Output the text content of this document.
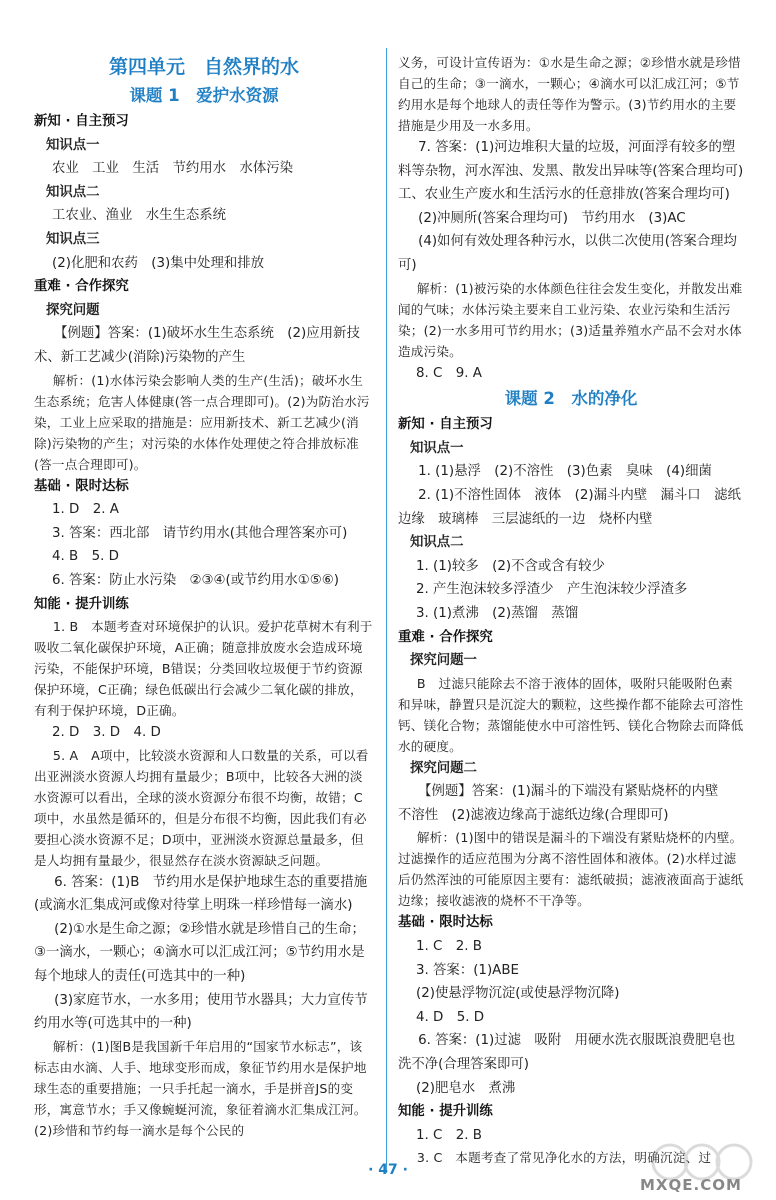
第四单元　自然界的水

课题 1　爱护水资源

新知 · 自主预习

知识点一

农业　工业　生活　节约用水　水体污染

知识点二

工农业、渔业　水生生态系统

知识点三

(2)化肥和农药　(3)集中处理和排放

重难 · 合作探究

探究问题

【例题】答案：(1)破坏水生生态系统　(2)应用新技术、新工艺减少(消除)污染物的产生

解析：(1)水体污染会影响人类的生产(生活)；破坏水生生态系统；危害人体健康(答一点合理即可)。(2)为防治水污染，工业上应采取的措施是：应用新技术、新工艺减少(消除)污染物的产生；对污染的水体作处理使之符合排放标准(答一点合理即可)。

基础 · 限时达标

1. D　2. A

3. 答案：西北部　请节约用水(其他合理答案亦可)

4. B　5. D

6. 答案：防止水污染　②③④(或节约用水①⑤⑥)

知能 · 提升训练

1. B　本题考查对环境保护的认识。爱护花草树木有利于吸收二氧化碳保护环境，A正确；随意排放废水会造成环境污染，不能保护环境，B错误；分类回收垃圾便于节约资源保护环境，C正确；绿色低碳出行会减少二氧化碳的排放，有利于保护环境，D正确。

2. D　3. D　4. D

5. A　A项中，比较淡水资源和人口数量的关系，可以看出亚洲淡水资源人均拥有量最少；B项中，比较各大洲的淡水资源可以看出，全球的淡水资源分布很不均衡，故错；C项中，水虽然是循环的，但是分布很不均衡，因此我们有必要担心淡水资源不足；D项中，亚洲淡水资源总量最多，但是人均拥有量最少，很显然存在淡水资源缺乏问题。

6. 答案：(1)B　节约用水是保护地球生态的重要措施(或滴水汇集成河或像对待掌上明珠一样珍惜每一滴水)

(2)①水是生命之源；②珍惜水就是珍惜自己的生命；③一滴水，一颗心；④滴水可以汇成江河；⑤节约用水是每个地球人的责任(可选其中的一种)

(3)家庭节水，一水多用；使用节水器具；大力宣传节约用水等(可选其中的一种)

解析：(1)图B是我国新千年启用的“国家节水标志”，该标志由水滴、人手、地球变形而成，象征节约用水是保护地球生态的重要措施；一只手托起一滴水，手是拼音JS的变形，寓意节水；手又像蜿蜒河流，象征着滴水汇集成江河。(2)珍惜和节约每一滴水是每个公民的

义务，可设计宣传语为：①水是生命之源；②珍惜水就是珍惜自己的生命；③一滴水，一颗心；④滴水可以汇成江河；⑤节约用水是每个地球人的责任等作为警示。(3)节约用水的主要措施是少用及一水多用。

7. 答案：(1)河边堆积大量的垃圾，河面浮有较多的塑料等杂物，河水浑浊、发黑、散发出异味等(答案合理均可)　工、农业生产废水和生活污水的任意排放(答案合理均可)

(2)冲厕所(答案合理均可)　节约用水　(3)AC

(4)如何有效处理各种污水，以供二次使用(答案合理均可)

解析：(1)被污染的水体颜色往往会发生变化，并散发出难闻的气味；水体污染主要来自工业污染、农业污染和生活污染；(2)一水多用可节约用水；(3)适量养殖水产品不会对水体造成污染。

8. C　9. A

课题 2　水的净化

新知 · 自主预习

知识点一

1. (1)悬浮　(2)不溶性　(3)色素　臭味　(4)细菌

2. (1)不溶性固体　液体　(2)漏斗内壁　漏斗口　滤纸边缘　玻璃棒　三层滤纸的一边　烧杯内壁

知识点二

1. (1)较多　(2)不含或含有较少

2. 产生泡沫较多浮渣少　产生泡沫较少浮渣多

3. (1)煮沸　(2)蒸馏　蒸馏

重难 · 合作探究

探究问题一

B　过滤只能除去不溶于液体的固体，吸附只能吸附色素和异味，静置只是沉淀大的颗粒，这些操作都不能除去可溶性钙、镁化合物；蒸馏能使水中可溶性钙、镁化合物除去而降低水的硬度。

探究问题二

【例题】答案：(1)漏斗的下端没有紧贴烧杯的内壁　不溶性　(2)滤液边缘高于滤纸边缘(合理即可)

解析：(1)图中的错误是漏斗的下端没有紧贴烧杯的内壁。过滤操作的适应范围为分离不溶性固体和液体。(2)水样过滤后仍然浑浊的可能原因主要有：滤纸破损；滤液液面高于滤纸边缘；接收滤液的烧杯不干净等。

基础 · 限时达标

1. C　2. B

3. 答案：(1)ABE

(2)使悬浮物沉淀(或使悬浮物沉降)

4. D　5. D

6. 答案：(1)过滤　吸附　用硬水洗衣服既浪费肥皂也洗不净(合理答案即可)

(2)肥皂水　煮沸

知能 · 提升训练

1. C　2. B

3. C　本题考查了常见净化水的方法，明确沉淀、过

· 47 ·
MXQE.COM
